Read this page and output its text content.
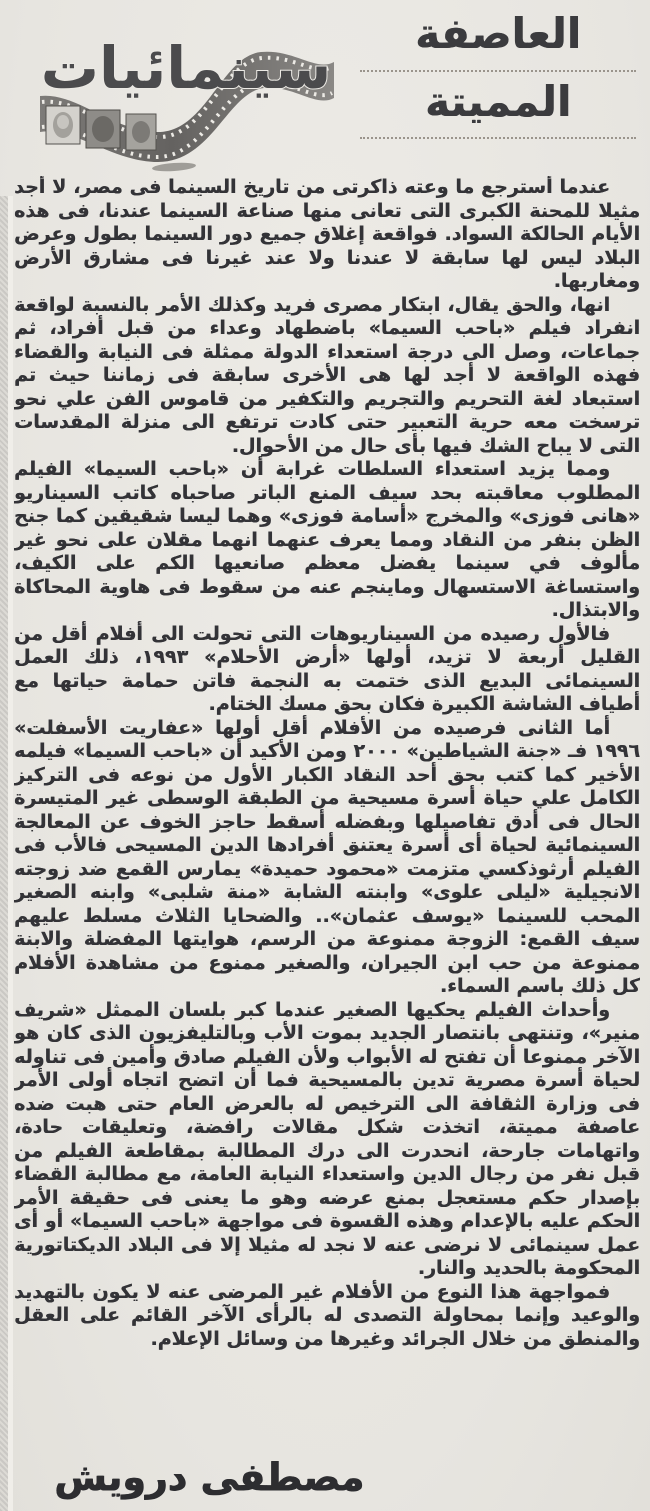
العاصفة
المميتة
سينمائيات

عندما أسترجع ما وعته ذاكرتى من تاريخ السينما فى مصر، لا أجد مثيلا للمحنة الكبرى التى تعانى منها صناعة السينما عندنا، فى هذه الأيام الحالكة السواد. فواقعة إغلاق جميع دور السينما بطول وعرض البلاد ليس لها سابقة لا عندنا ولا عند غيرنا فى مشارق الأرض ومغاربها.

انها، والحق يقال، ابتكار مصرى فريد وكذلك الأمر بالنسبة لواقعة انفراد فيلم «باحب السيما» باضطهاد وعداء من قبل أفراد، ثم جماعات، وصل الى درجة استعداء الدولة ممثلة فى النيابة والقضاء فهذه الواقعة لا أجد لها هى الأخرى سابقة فى زماننا حيث تم استبعاد لغة التحريم والتجريم والتكفير من قاموس الفن علي نحو ترسخت معه حرية التعبير حتى كادت ترتفع الى منزلة المقدسات التى لا يباح الشك فيها بأى حال من الأحوال.

ومما يزيد استعداء السلطات غرابة أن «باحب السيما» الفيلم المطلوب معاقبته بحد سيف المنع الباتر صاحباه كاتب السيناريو «هانى فوزى» والمخرج «أسامة فوزى» وهما ليسا شقيقين كما جنح الظن بنفر من النقاد ومما يعرف عنهما انهما مقلان على نحو غير مألوف في سينما يفضل معظم صانعيها الكم على الكيف، واستساغة الاستسهال وماينجم عنه من سقوط فى هاوية المحاكاة والابتذال.

فالأول رصيده من السيناريوهات التى تحولت الى أفلام أقل من القليل أربعة لا تزيد، أولها «أرض الأحلام» ١٩٩٣، ذلك العمل السينمائى البديع الذى ختمت به النجمة فاتن حمامة حياتها مع أطياف الشاشة الكبيرة فكان بحق مسك الختام.

أما الثانى فرصيده من الأفلام أقل أولها «عفاريت الأسفلت» ١٩٩٦ فـ «جنة الشياطين» ٢٠٠٠ ومن الأكيد أن «باحب السيما» فيلمه الأخير كما كتب بحق أحد النقاد الكبار الأول من نوعه فى التركيز الكامل علي حياة أسرة مسيحية من الطبقة الوسطى غير المتيسرة الحال فى أدق تفاصيلها وبفضله أسقط حاجز الخوف عن المعالجة السينمائية لحياة أى أسرة يعتنق أفرادها الدين المسيحى فالأب فى الفيلم أرثوذكسي متزمت «محمود حميدة» يمارس القمع ضد زوجته الانجيلية «ليلى علوى» وابنته الشابة «منة شلبى» وابنه الصغير المحب للسينما «يوسف عثمان».. والضحايا الثلاث مسلط عليهم سيف القمع: الزوجة ممنوعة من الرسم، هوايتها المفضلة والابنة ممنوعة من حب ابن الجيران، والصغير ممنوع من مشاهدة الأفلام كل ذلك باسم السماء.

وأحداث الفيلم يحكيها الصغير عندما كبر بلسان الممثل «شريف منير»، وتنتهى بانتصار الجديد بموت الأب وبالتليفزيون الذى كان هو الآخر ممنوعا أن تفتح له الأبواب ولأن الفيلم صادق وأمين فى تناوله لحياة أسرة مصرية تدين بالمسيحية فما أن اتضح اتجاه أولى الأمر فى وزارة الثقافة الى الترخيص له بالعرض العام حتى هبت ضده عاصفة مميتة، اتخذت شكل مقالات رافضة، وتعليقات حادة، واتهامات جارحة، انحدرت الى درك المطالبة بمقاطعة الفيلم من قبل نفر من رجال الدين واستعداء النيابة العامة، مع مطالبة القضاء بإصدار حكم مستعجل بمنع عرضه وهو ما يعنى فى حقيقة الأمر الحكم عليه بالإعدام وهذه القسوة فى مواجهة «باحب السيما» أو أى عمل سينمائى لا نرضى عنه لا نجد له مثيلا إلا فى البلاد الديكتاتورية المحكومة بالحديد والنار.

فمواجهة هذا النوع من الأفلام غير المرضى عنه لا يكون بالتهديد والوعيد وإنما بمحاولة التصدى له بالرأى الآخر القائم على العقل والمنطق من خلال الجرائد وغيرها من وسائل الإعلام.

مصطفى درويش
